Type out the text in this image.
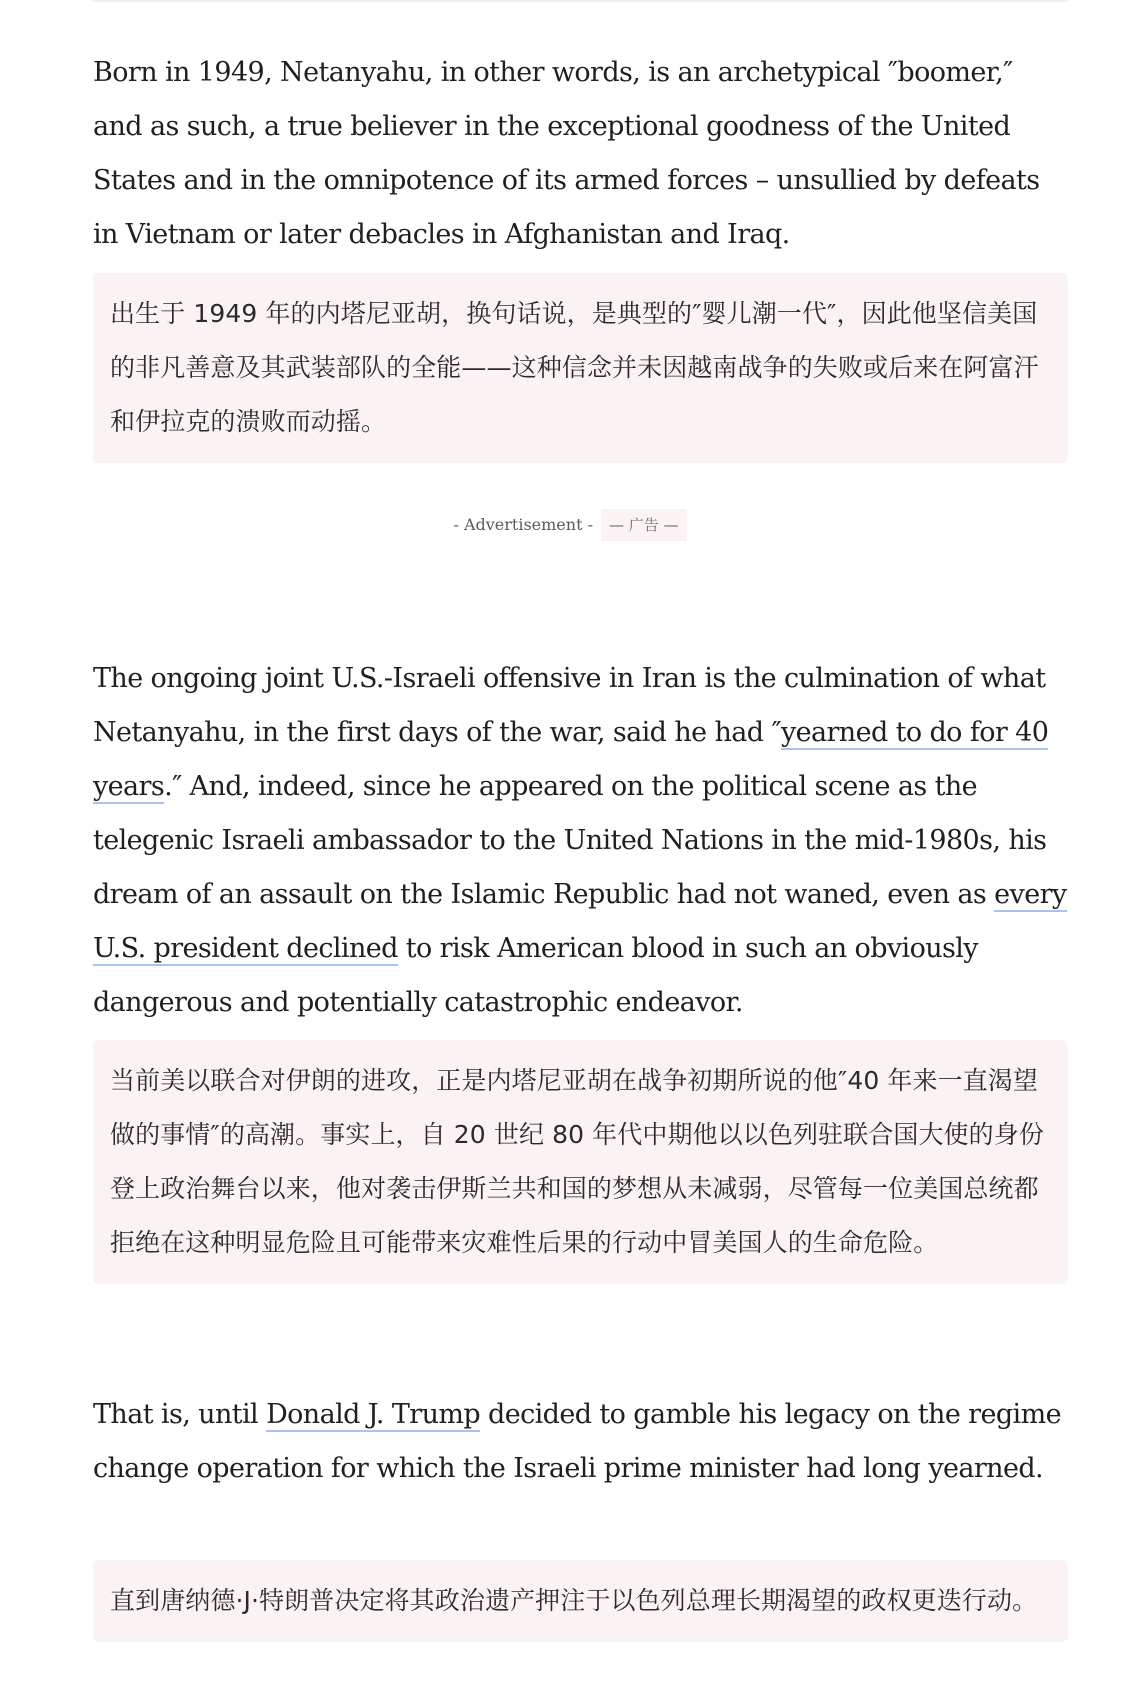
Born in 1949, Netanyahu, in other words, is an archetypical ″boomer,″ and as such, a true believer in the exceptional goodness of the United States and in the omnipotence of its armed forces – unsullied by defeats in Vietnam or later debacles in Afghanistan and Iraq.

出生于 1949 年的内塔尼亚胡，换句话说，是典型的″婴儿潮一代″，因此他坚信美国的非凡善意及其武装部队的全能——这种信念并未因越南战争的失败或后来在阿富汗和伊拉克的溃败而动摇。
- Advertisement - — 广告 —

The ongoing joint U.S.-Israeli offensive in Iran is the culmination of what Netanyahu, in the first days of the war, said he had ″yearned to do for 40 years.″ And, indeed, since he appeared on the political scene as the telegenic Israeli ambassador to the United Nations in the mid-1980s, his dream of an assault on the Islamic Republic had not waned, even as every U.S. president declined to risk American blood in such an obviously dangerous and potentially catastrophic endeavor.

当前美以联合对伊朗的进攻，正是内塔尼亚胡在战争初期所说的他″40 年来一直渴望做的事情″的高潮。事实上，自 20 世纪 80 年代中期他以以色列驻联合国大使的身份登上政治舞台以来，他对袭击伊斯兰共和国的梦想从未减弱，尽管每一位美国总统都拒绝在这种明显危险且可能带来灾难性后果的行动中冒美国人的生命危险。

That is, until Donald J. Trump decided to gamble his legacy on the regime change operation for which the Israeli prime minister had long yearned.

直到唐纳德·J·特朗普决定将其政治遗产押注于以色列总理长期渴望的政权更迭行动。
